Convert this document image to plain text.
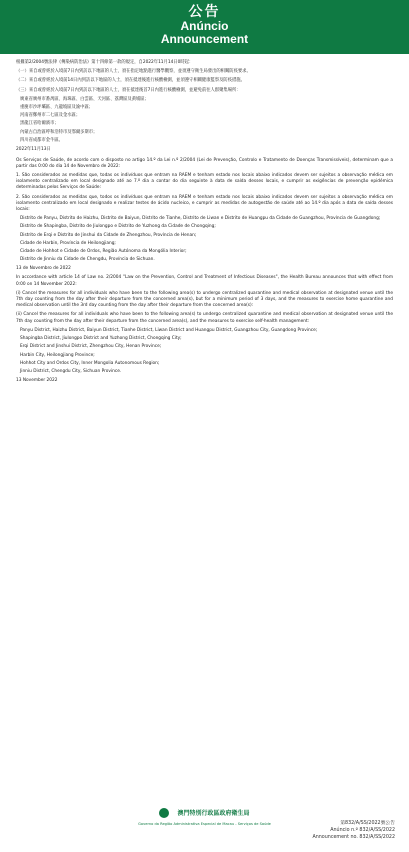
公告
Anúncio
Announcement

根據第2/2004號法律《傳染病防治法》第十四條第一款的規定，自2022年11月14日0時起：

（一）來自或曾經於入境前7日內到訪以下地區的人士，須在指定地點進行醫學觀察，並須遵守衛生局發出的相關防疫要求。

（二）來自或曾經於入境前14日內到訪以下地區的人士，須在抵達後進行核酸檢測，並須遵守相關健康監察及防疫措施。

（三）來自或曾經於入境前7日內到訪以下地區的人士，須在抵達後首7日內進行核酸檢測，並避免前往人群聚集場所：

廣東省廣州市番禺區、海珠區、白雲區、天河區、荔灣區及黃埔區；
重慶市沙坪壩區、九龍坡區及渝中區；
河南省鄭州市二七區及金水區；
黑龍江省哈爾濱市；
內蒙古自治區呼和浩特市及鄂爾多斯市；
四川省成都市金牛區。
2022年11月13日

Os Serviços de Saúde, de acordo com o disposto no artigo 14.º da Lei n.º 2/2004 (Lei de Prevenção, Controlo e Tratamento de Doenças Transmissíveis), determinam que a partir das 0:00 do dia 14 de Novembro de 2022:

1. São considerados as medidas que, todas os indivíduos que entram na RAEM e tenham estado nos locais abaixo indicados devem ser sujeitos a observação médica em isolamento centralizado em local designado até ao 7.º dia a contar do dia seguinte à data de saída desses locais, e cumprir as exigências de prevenção epidémica determinadas pelos Serviços de Saúde:

2. São considerados as medidas que, todos os indivíduos que entram na RAEM e tenham estado nos locais abaixo indicados devem ser sujeitos a observação médica em isolamento centralizado em local designado e realizar testes de ácido nucleico, e cumprir as medidas de autogestão de saúde até ao 14.º dia após a data de saída desses locais:

Distrito de Panyu, Distrito de Haizhu, Distrito de Baiyun, Distrito de Tianhe, Distrito de Liwan e Distrito de Huangpu da Cidade de Guangzhou, Província de Guangdong;
Distrito de Shapingba, Distrito de Jiulongpo e Distrito de Yuzhong da Cidade de Chongqing;
Distrito de Erqi e Distrito de Jinshui da Cidade de Zhengzhou, Província de Henan;
Cidade de Harbin, Província de Heilongjiang;
Cidade de Hohhot e Cidade de Ordos, Região Autónoma da Mongólia Interior;
Distrito de Jinniu da Cidade de Chengdu, Província de Sichuan.
13 de Novembro de 2022

In accordance with article 14 of Law no. 2/2004 "Law on the Prevention, Control and Treatment of Infectious Diseases", the Health Bureau announces that with effect from 0:00 on 14 November 2022:

(i) Cancel the measures for all individuals who have been to the following area(s) to undergo centralized quarantine and medical observation at designated venue until the 7th day counting from the day after their departure from the concerned area(s), but for a minimum period of 3 days, and the measures to exercise home quarantine and medical observation until the 3rd day counting from the day after their departure from the concerned area(s):

(ii) Cancel the measures for all individuals who have been to the following area(s) to undergo centralized quarantine and medical observation at designated venue until the 7th day counting from the day after their departure from the concerned area(s), and the measures to exercise self-health management:

Panyu District, Haizhu District, Baiyun District, Tianhe District, Liwan District and Huangpu District, Guangzhou City, Guangdong Province;
Shapingba District, Jiulongpo District and Yuzhong District, Chongqing City;
Erqi District and Jinshui District, Zhengzhou City, Henan Province;
Harbin City, Heilongjiang Province;
Hohhot City and Ordos City, Inner Mongolia Autonomous Region;
Jinniu District, Chengdu City, Sichuan Province.
13 November 2022
澳門特別行政區政府衛生局
Governo da Região Administrativa Especial de Macau - Serviços de Saúde	第832/A/SS/2022號公告
Anúncio n.º 832/A/SS/2022
Announcement no. 832/A/SS/2022
